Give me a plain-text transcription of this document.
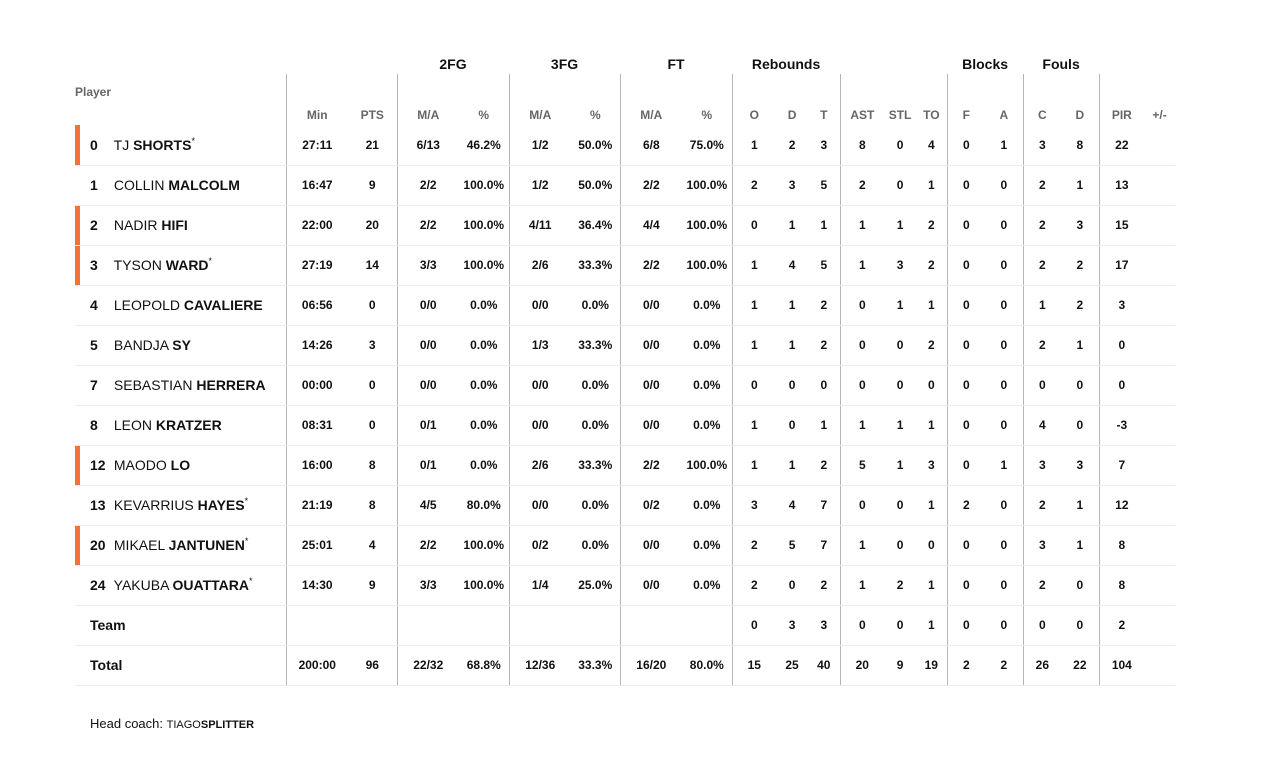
			2FG		3FG		FT		Rebounds						Blocks		Fouls			
Player	Min	PTS	M/A	%	M/A	%	M/A	%	O	D	T	AST	STL	TO	F	A	C	D	PIR	+/-

0 TJ SHORTS*	27:11	21	6/13	46.2%	1/2	50.0%	6/8	75.0%	1	2	3	8	0	4	0	1	3	8	22	
1 COLLIN MALCOLM	16:47	9	2/2	100.0%	1/2	50.0%	2/2	100.0%	2	3	5	2	0	1	0	0	2	1	13	

2 NADIR HIFI	22:00	20	2/2	100.0%	4/11	36.4%	4/4	100.0%	0	1	1	1	1	2	0	0	2	3	15	

3 TYSON WARD*	27:19	14	3/3	100.0%	2/6	33.3%	2/2	100.0%	1	4	5	1	3	2	0	0	2	2	17	
4 LEOPOLD CAVALIERE	06:56	0	0/0	0.0%	0/0	0.0%	0/0	0.0%	1	1	2	0	1	1	0	0	1	2	3	
5 BANDJA SY	14:26	3	0/0	0.0%	1/3	33.3%	0/0	0.0%	1	1	2	0	0	2	0	0	2	1	0	
7 SEBASTIAN HERRERA	00:00	0	0/0	0.0%	0/0	0.0%	0/0	0.0%	0	0	0	0	0	0	0	0	0	0	0	
8 LEON KRATZER	08:31	0	0/1	0.0%	0/0	0.0%	0/0	0.0%	1	0	1	1	1	1	0	0	4	0	-3	

12 MAODO LO	16:00	8	0/1	0.0%	2/6	33.3%	2/2	100.0%	1	1	2	5	1	3	0	1	3	3	7	
13 KEVARRIUS HAYES*	21:19	8	4/5	80.0%	0/0	0.0%	0/2	0.0%	3	4	7	0	0	1	2	0	2	1	12	

20 MIKAEL JANTUNEN*	25:01	4	2/2	100.0%	0/2	0.0%	0/0	0.0%	2	5	7	1	0	0	0	0	3	1	8	
24 YAKUBA OUATTARA*	14:30	9	3/3	100.0%	1/4	25.0%	0/0	0.0%	2	0	2	1	2	1	0	0	2	0	8	
Team									0	3	3	0	0	1	0	0	0	0	2	
Total	200:00	96	22/32	68.8%	12/36	33.3%	16/20	80.0%	15	25	40	20	9	19	2	2	26	22	104	
Head coach: TIAGOSPLITTER
